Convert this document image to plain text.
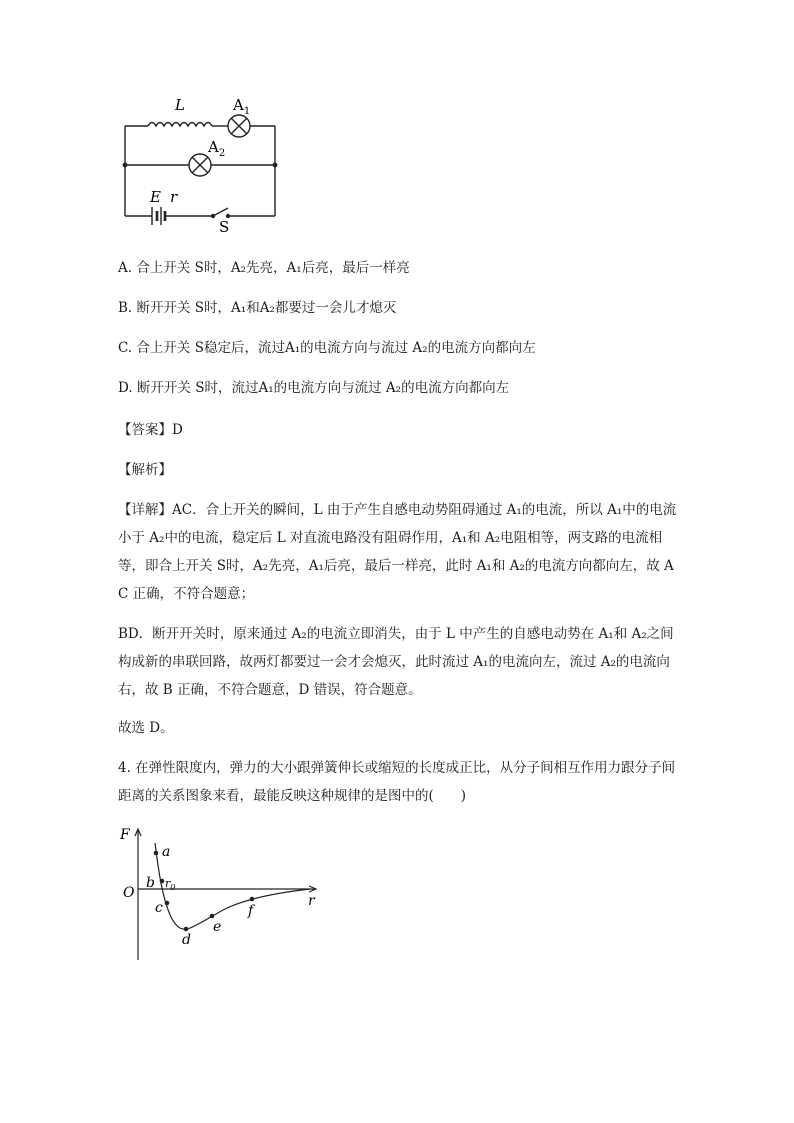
L	$A_1$
$A_2$
E r
S
A. 合上开关 S时，A₂先亮，A₁后亮，最后一样亮
B. 断开开关 S时，A₁和A₂都要过一会儿才熄灭
C. 合上开关 S稳定后，流过A₁的电流方向与流过 A₂的电流方向都向左
D. 断开开关 S时，流过A₁的电流方向与流过 A₂的电流方向都向左
【答案】D
【解析】
【详解】AC．合上开关的瞬间，L 由于产生自感电动势阻碍通过 A₁的电流，所以 A₁中的电流小于 A₂中的电流，稳定后 L 对直流电路没有阻碍作用，A₁和 A₂电阻相等，两支路的电流相等，即合上开关 S时，A₂先亮，A₁后亮，最后一样亮，此时 A₁和 A₂的电流方向都向左，故 A C 正确，不符合题意；
BD．断开开关时，原来通过 A₂的电流立即消失，由于 L 中产生的自感电动势在 A₁和 A₂之间构成新的串联回路，故两灯都要过一会才会熄灭，此时流过 A₁的电流向左，流过 A₂的电流向右，故 B 正确，不符合题意，D 错误，符合题意。
故选 D。
4. 在弹性限度内，弹力的大小跟弹簧伸长或缩短的长度成正比，从分子间相互作用力跟分子间距离的关系图象来看，最能反映这种规律的是图中的(　　)
F
O	r
$r_0$
a
b
c
d
e
f
